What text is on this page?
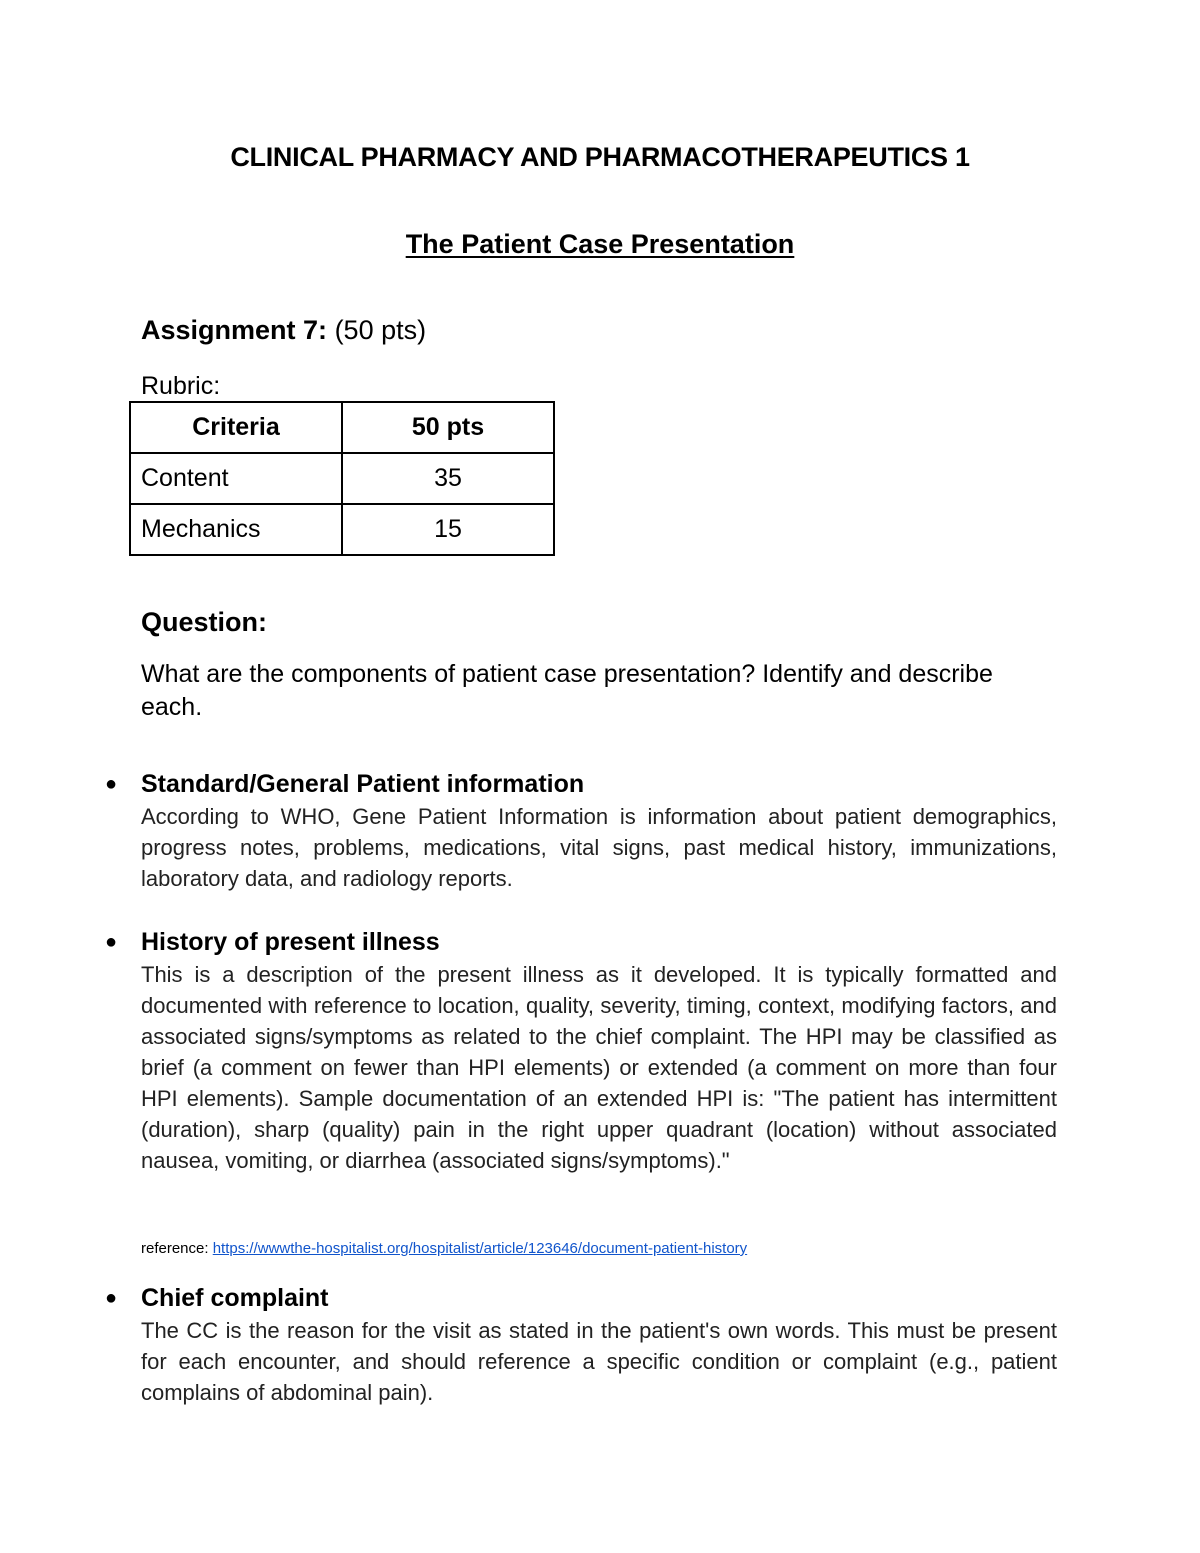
CLINICAL PHARMACY AND PHARMACOTHERAPEUTICS 1
The Patient Case Presentation
Assignment 7: (50 pts)
Rubric:
Criteria	50 pts
Content	35
Mechanics	15
Question:
What are the components of patient case presentation? Identify and describe each.
● Standard/General Patient information
According to WHO, Gene Patient Information is information about patient demographics, progress notes, problems, medications, vital signs, past medical history, immunizations, laboratory data, and radiology reports.
● History of present illness
This is a description of the present illness as it developed. It is typically formatted and documented with reference to location, quality, severity, timing, context, modifying factors, and associated signs/symptoms as related to the chief complaint. The HPI may be classified as brief (a comment on fewer than HPI elements) or extended (a comment on more than four HPI elements). Sample documentation of an extended HPI is: "The patient has intermittent (duration), sharp (quality) pain in the right upper quadrant (location) without associated nausea, vomiting, or diarrhea (associated signs/symptoms)."
reference: https://wwwthe-hospitalist.org/hospitalist/article/123646/document-patient-history
● Chief complaint
The CC is the reason for the visit as stated in the patient's own words. This must be present for each encounter, and should reference a specific condition or complaint (e.g., patient complains of abdominal pain).
